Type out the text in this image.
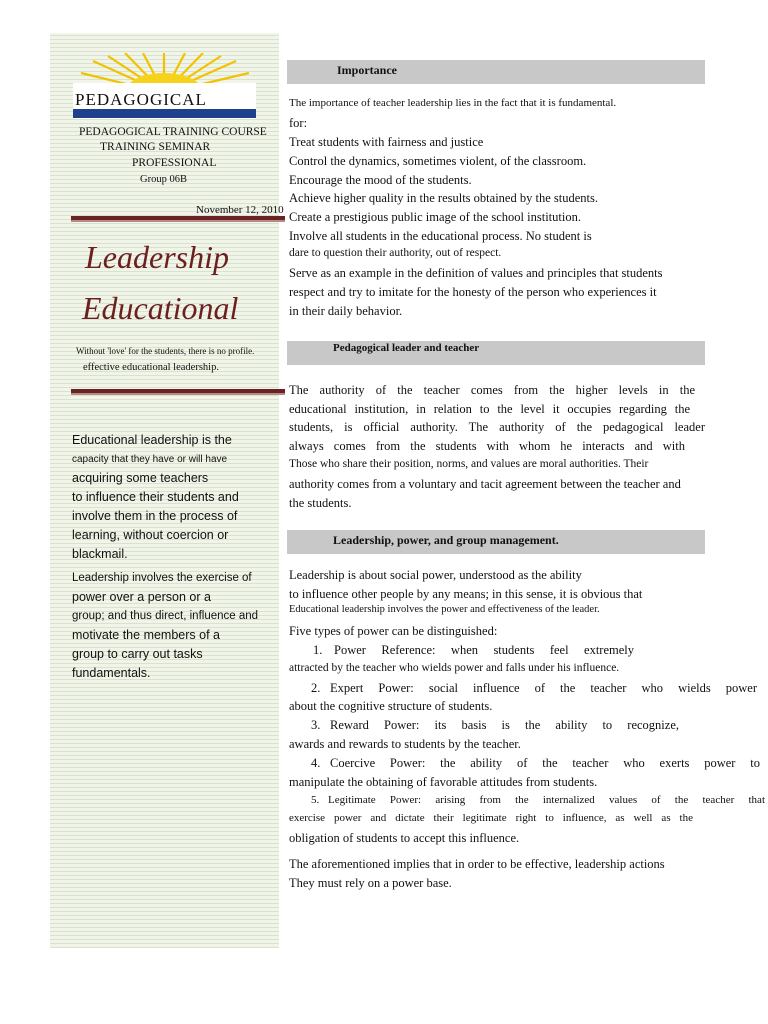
PEDAGOGICAL
PEDAGOGICAL TRAINING COURSE
TRAINING SEMINAR
PROFESSIONAL
Group 06B
November 12, 2010
Leadership
Educational
Without 'love' for the students, there is no profile.
effective educational leadership.
Educational leadership is the
capacity that they have or will have
acquiring some teachers
to influence their students and
involve them in the process of
learning, without coercion or
blackmail.
Leadership involves the exercise of
power over a person or a
group; and thus direct, influence and
motivate the members of a
group to carry out tasks
fundamentals.
Importance
The importance of teacher leadership lies in the fact that it is fundamental.
for:
Treat students with fairness and justice
Control the dynamics, sometimes violent, of the classroom.
Encourage the mood of the students.
Achieve higher quality in the results obtained by the students.
Create a prestigious public image of the school institution.
Involve all students in the educational process. No student is
dare to question their authority, out of respect.
Serve as an example in the definition of values and principles that students
respect and try to imitate for the honesty of the person who experiences it
in their daily behavior.
Pedagogical leader and teacher
The authority of the teacher comes from the higher levels in the
educational institution, in relation to the level it occupies regarding the
students, is official authority. The authority of the pedagogical leader
always comes from the students with whom he interacts and with
Those who share their position, norms, and values are moral authorities. Their
authority comes from a voluntary and tacit agreement between the teacher and
the students.
Leadership, power, and group management.
Leadership is about social power, understood as the ability
to influence other people by any means; in this sense, it is obvious that
Educational leadership involves the power and effectiveness of the leader.
Five types of power can be distinguished:
1. Power Reference: when students feel extremely
attracted by the teacher who wields power and falls under his influence.
2. Expert Power: social influence of the teacher who wields power
about the cognitive structure of students.
3. Reward Power: its basis is the ability to recognize,
awards and rewards to students by the teacher.
4. Coercive Power: the ability of the teacher who exerts power to
manipulate the obtaining of favorable attitudes from students.
5. Legitimate Power: arising from the internalized values of the teacher that
exercise power and dictate their legitimate right to influence, as well as the
obligation of students to accept this influence.
The aforementioned implies that in order to be effective, leadership actions
They must rely on a power base.
